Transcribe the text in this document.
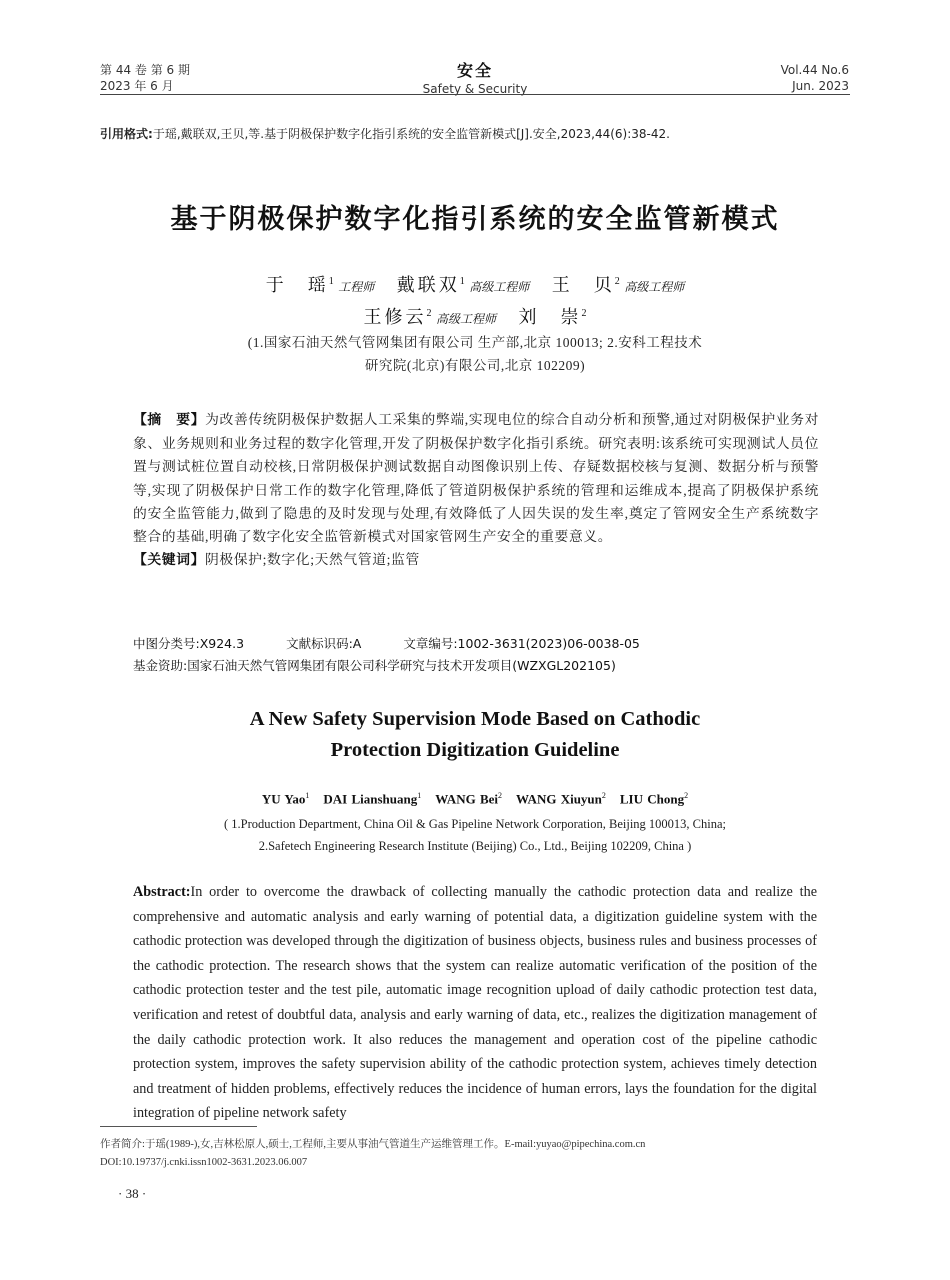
第 44 卷 第 6 期
2023 年 6 月
安全
Safety & Security
Vol.44 No.6
Jun. 2023
引用格式:于瑶,戴联双,王贝,等.基于阴极保护数字化指引系统的安全监管新模式[J].安全,2023,44(6):38-42.
基于阴极保护数字化指引系统的安全监管新模式
于　瑶$^1$ 工程师 戴联双$^1$ 高级工程师 王　贝$^2$ 高级工程师
王修云$^2$ 高级工程师 刘　崇$^2$
(1.国家石油天然气管网集团有限公司 生产部,北京 100013; 2.安科工程技术
研究院(北京)有限公司,北京 102209)
【摘　要】为改善传统阴极保护数据人工采集的弊端,实现电位的综合自动分析和预警,通过对阴极保护业务对象、业务规则和业务过程的数字化管理,开发了阴极保护数字化指引系统。研究表明:该系统可实现测试人员位置与测试桩位置自动校核,日常阴极保护测试数据自动图像识别上传、存疑数据校核与复测、数据分析与预警等,实现了阴极保护日常工作的数字化管理,降低了管道阴极保护系统的管理和运维成本,提高了阴极保护系统的安全监管能力,做到了隐患的及时发现与处理,有效降低了人因失误的发生率,奠定了管网安全生产系统数字整合的基础,明确了数字化安全监管新模式对国家管网生产安全的重要意义。
【关键词】阴极保护;数字化;天然气管道;监管
中图分类号:X924.3	文献标识码:A	文章编号:1002-3631(2023)06-0038-05
基金资助:国家石油天然气管网集团有限公司科学研究与技术开发项目(WZXGL202105)
A New Safety Supervision Mode Based on Cathodic
Protection Digitization Guideline
YU Yao$^1$ DAI Lianshuang$^1$ WANG Bei$^2$ WANG Xiuyun$^2$ LIU Chong$^2$
( 1.Production Department, China Oil & Gas Pipeline Network Corporation, Beijing 100013, China;
2.Safetech Engineering Research Institute (Beijing) Co., Ltd., Beijing 102209, China )
Abstract:In order to overcome the drawback of collecting manually the cathodic protection data and realize the comprehensive and automatic analysis and early warning of potential data, a digitization guideline system with the cathodic protection was developed through the digitization of business objects, business rules and business processes of the cathodic protection. The research shows that the system can realize automatic verification of the position of the cathodic protection tester and the test pile, automatic image recognition upload of daily cathodic protection test data, verification and retest of doubtful data, analysis and early warning of data, etc., realizes the digitization management of the daily cathodic protection work. It also reduces the management and operation cost of the pipeline cathodic protection system, improves the safety supervision ability of the cathodic protection system, achieves timely detection and treatment of hidden problems, effectively reduces the incidence of human errors, lays the foundation for the digital integration of pipeline network safety
作者简介:于瑶(1989-),女,吉林松原人,硕士,工程师,主要从事油气管道生产运维管理工作。E-mail:yuyao@pipechina.com.cn
DOI:10.19737/j.cnki.issn1002-3631.2023.06.007
· 38 ·
